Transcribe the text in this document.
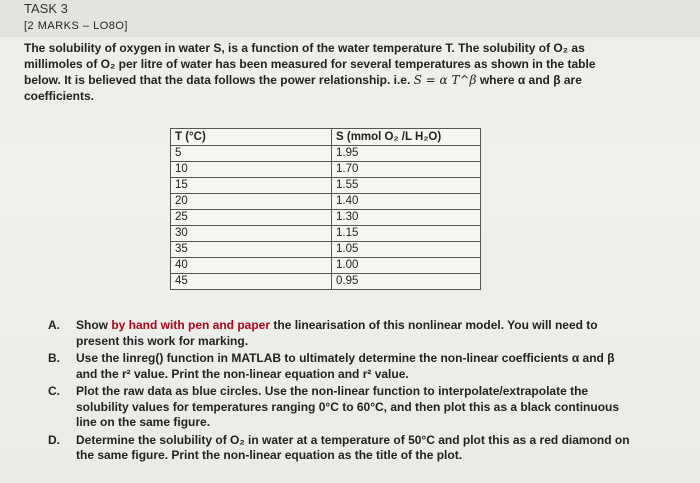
TASK 3
[2 MARKS – LO8O]

The solubility of oxygen in water S, is a function of the water temperature T. The solubility of O₂ as millimoles of O₂ per litre of water has been measured for several temperatures as shown in the table below. It is believed that the data follows the power relationship. i.e. S = α T^β where α and β are coefficients.

T (°C)	S (mmol O₂ /L H₂O)
5	1.95
10	1.70
15	1.55
20	1.40
25	1.30
30	1.15
35	1.05
40	1.00
45	0.95
A. Show by hand with pen and paper the linearisation of this nonlinear model. You will need to present this work for marking.
B. Use the linreg() function in MATLAB to ultimately determine the non-linear coefficients α and β and the r² value. Print the non-linear equation and r² value.
C. Plot the raw data as blue circles. Use the non-linear function to interpolate/extrapolate the solubility values for temperatures ranging 0°C to 60°C, and then plot this as a black continuous line on the same figure.
D. Determine the solubility of O₂ in water at a temperature of 50°C and plot this as a red diamond on the same figure. Print the non-linear equation as the title of the plot.
